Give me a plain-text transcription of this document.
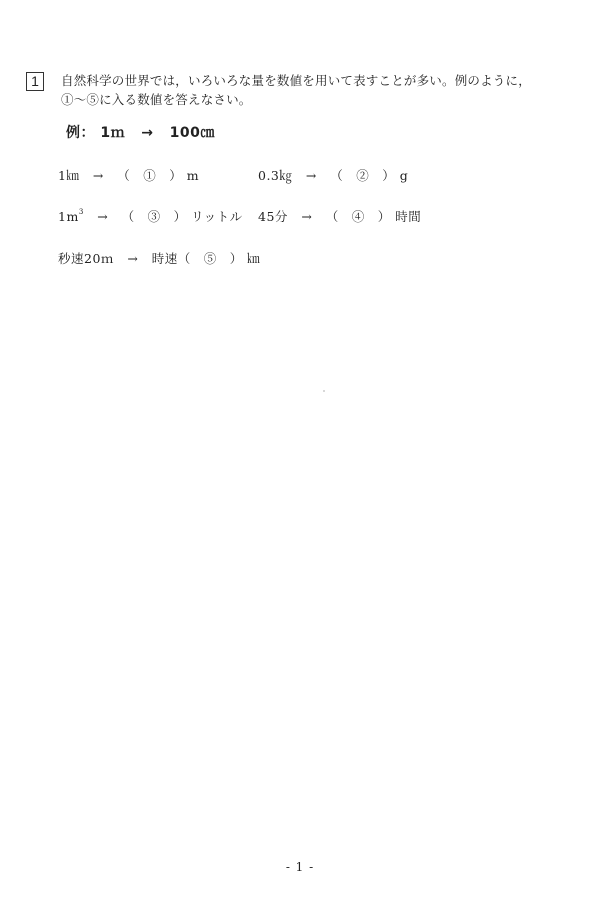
1	自然科学の世界では，いろいろな量を数値を用いて表すことが多い。例のように，
①～⑤に入る数値を答えなさい。
例： 1ｍ → 100㎝
1㎞ → （　①　） m	0.3㎏ → （　②　） g
$1m^3$ → （　③　） リットル 45分 → （　④　） 時間
秒速20ｍ → 時速（　⑤　） ㎞
- 1 -
